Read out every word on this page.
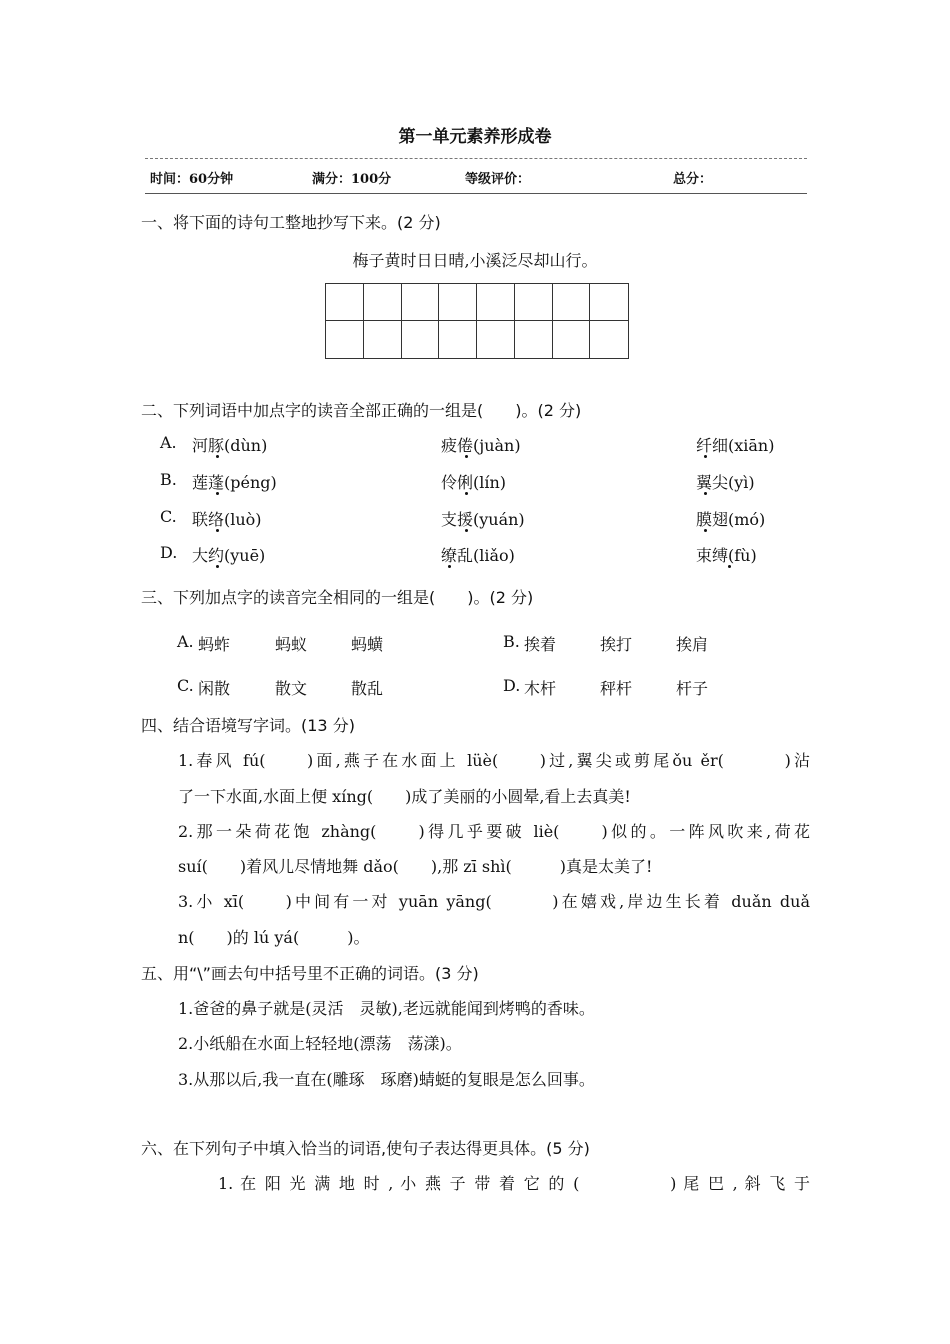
第一单元素养形成卷
时间：60分钟	满分：100分	等级评价：	总分：
一、将下面的诗句工整地抄写下来。(2 分)
梅子黄时日日晴,小溪泛尽却山行。
二、下列词语中加点字的读音全部正确的一组是(　　)。(2 分)
A. 河豚(dùn)	疲倦(juàn)	纤细(xiān)
B. 莲蓬(péng)	伶俐(lín)	翼尖(yì)
C. 联络(luò)	支援(yuán)	膜翅(mó)
D. 大约(yuē)	缭乱(liǎo)	束缚(fù)
三、下列加点字的读音完全相同的一组是(　　)。(2 分)
A. 蚂蚱	蚂蚁	蚂蟥	B. 挨着	挨打	挨肩
C. 闲散	散文	散乱	D. 木杆	秤杆	杆子
四、结合语境写字词。(13 分)
1.春风 fú(　　)面,燕子在水面上 lüè(　　)过,翼尖或剪尾ǒu ěr(　　　)沾
了一下水面,水面上便 xíng(　　)成了美丽的小圆晕,看上去真美!
2.那一朵荷花饱 zhàng(　　)得几乎要破 liè(　　)似的。一阵风吹来,荷花
suí(　　)着风儿尽情地舞 dǎo(　　),那 zī shì(　　　)真是太美了!
3.小 xī(　　)中间有一对 yuān yāng(　　　)在嬉戏,岸边生长着 duǎn duǎ
n(　　)的 lú yá(　　　)。
五、用“\”画去句中括号里不正确的词语。(3 分)
1.爸爸的鼻子就是(灵活　灵敏),老远就能闻到烤鸭的香味。
2.小纸船在水面上轻轻地(漂荡　荡漾)。
3.从那以后,我一直在(雕琢　琢磨)蜻蜓的复眼是怎么回事。
六、在下列句子中填入恰当的词语,使句子表达得更具体。(5 分)
1. 在 阳 光 满 地 时 , 小 燕 子 带 着 它 的 (　　　　　) 尾 巴 , 斜 飞 于
